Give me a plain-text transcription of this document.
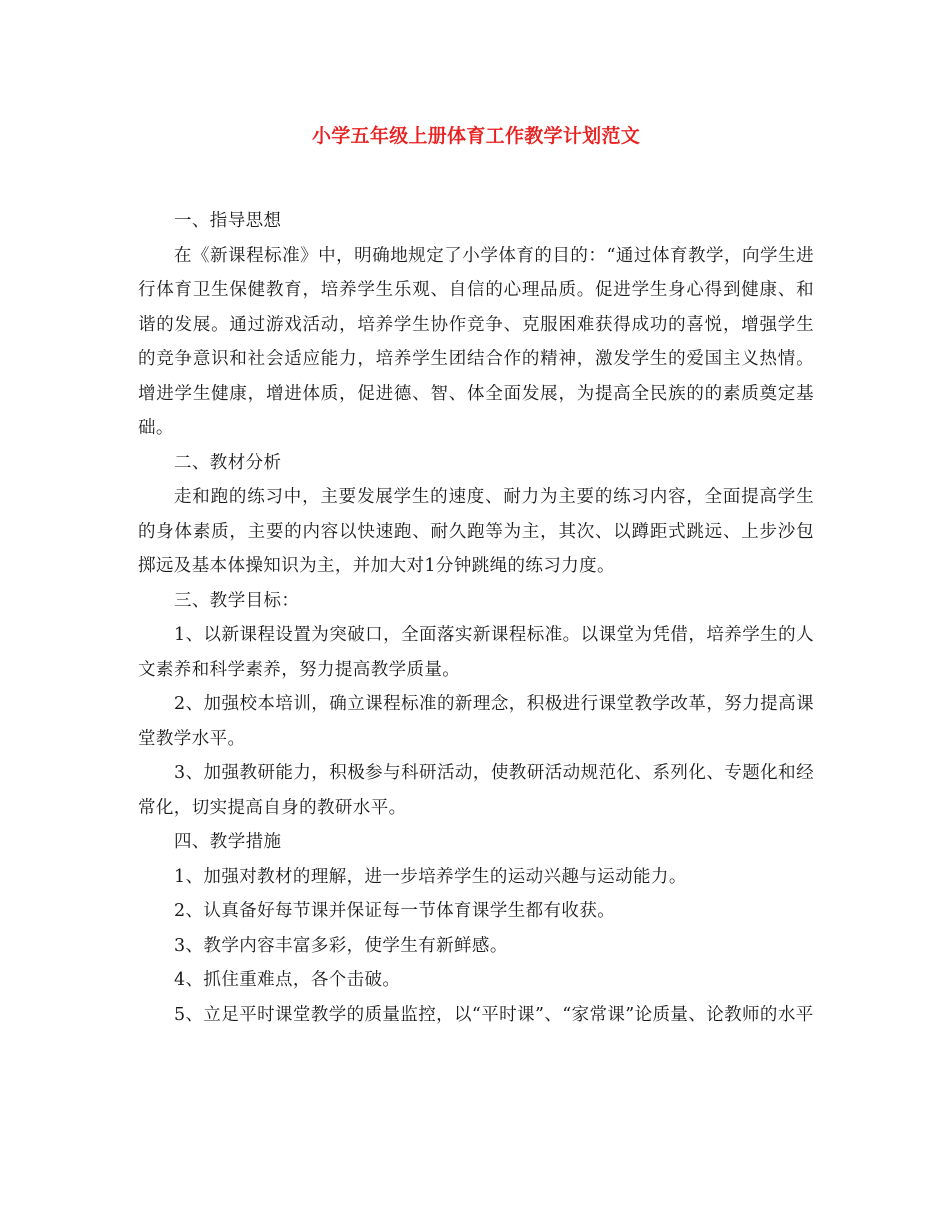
小学五年级上册体育工作教学计划范文

一、指导思想

在《新课程标准》中，明确地规定了小学体育的目的：“通过体育教学，向学生进行体育卫生保健教育，培养学生乐观、自信的心理品质。促进学生身心得到健康、和谐的发展。通过游戏活动，培养学生协作竞争、克服困难获得成功的喜悦，增强学生的竞争意识和社会适应能力，培养学生团结合作的精神，激发学生的爱国主义热情。增进学生健康，增进体质，促进德、智、体全面发展，为提高全民族的的素质奠定基础。

二、教材分析

走和跑的练习中，主要发展学生的速度、耐力为主要的练习内容，全面提高学生的身体素质，主要的内容以快速跑、耐久跑等为主，其次、以蹲距式跳远、上步沙包掷远及基本体操知识为主，并加大对1分钟跳绳的练习力度。

三、教学目标：

1、以新课程设置为突破口，全面落实新课程标准。以课堂为凭借，培养学生的人文素养和科学素养，努力提高教学质量。

2、加强校本培训，确立课程标准的新理念，积极进行课堂教学改革，努力提高课堂教学水平。

3、加强教研能力，积极参与科研活动，使教研活动规范化、系列化、专题化和经常化，切实提高自身的教研水平。

四、教学措施

1、加强对教材的理解，进一步培养学生的运动兴趣与运动能力。

2、认真备好每节课并保证每一节体育课学生都有收获。

3、教学内容丰富多彩，使学生有新鲜感。

4、抓住重难点，各个击破。

5、立足平时课堂教学的质量监控，以“平时课”、“家常课”论质量、论教师的水平
